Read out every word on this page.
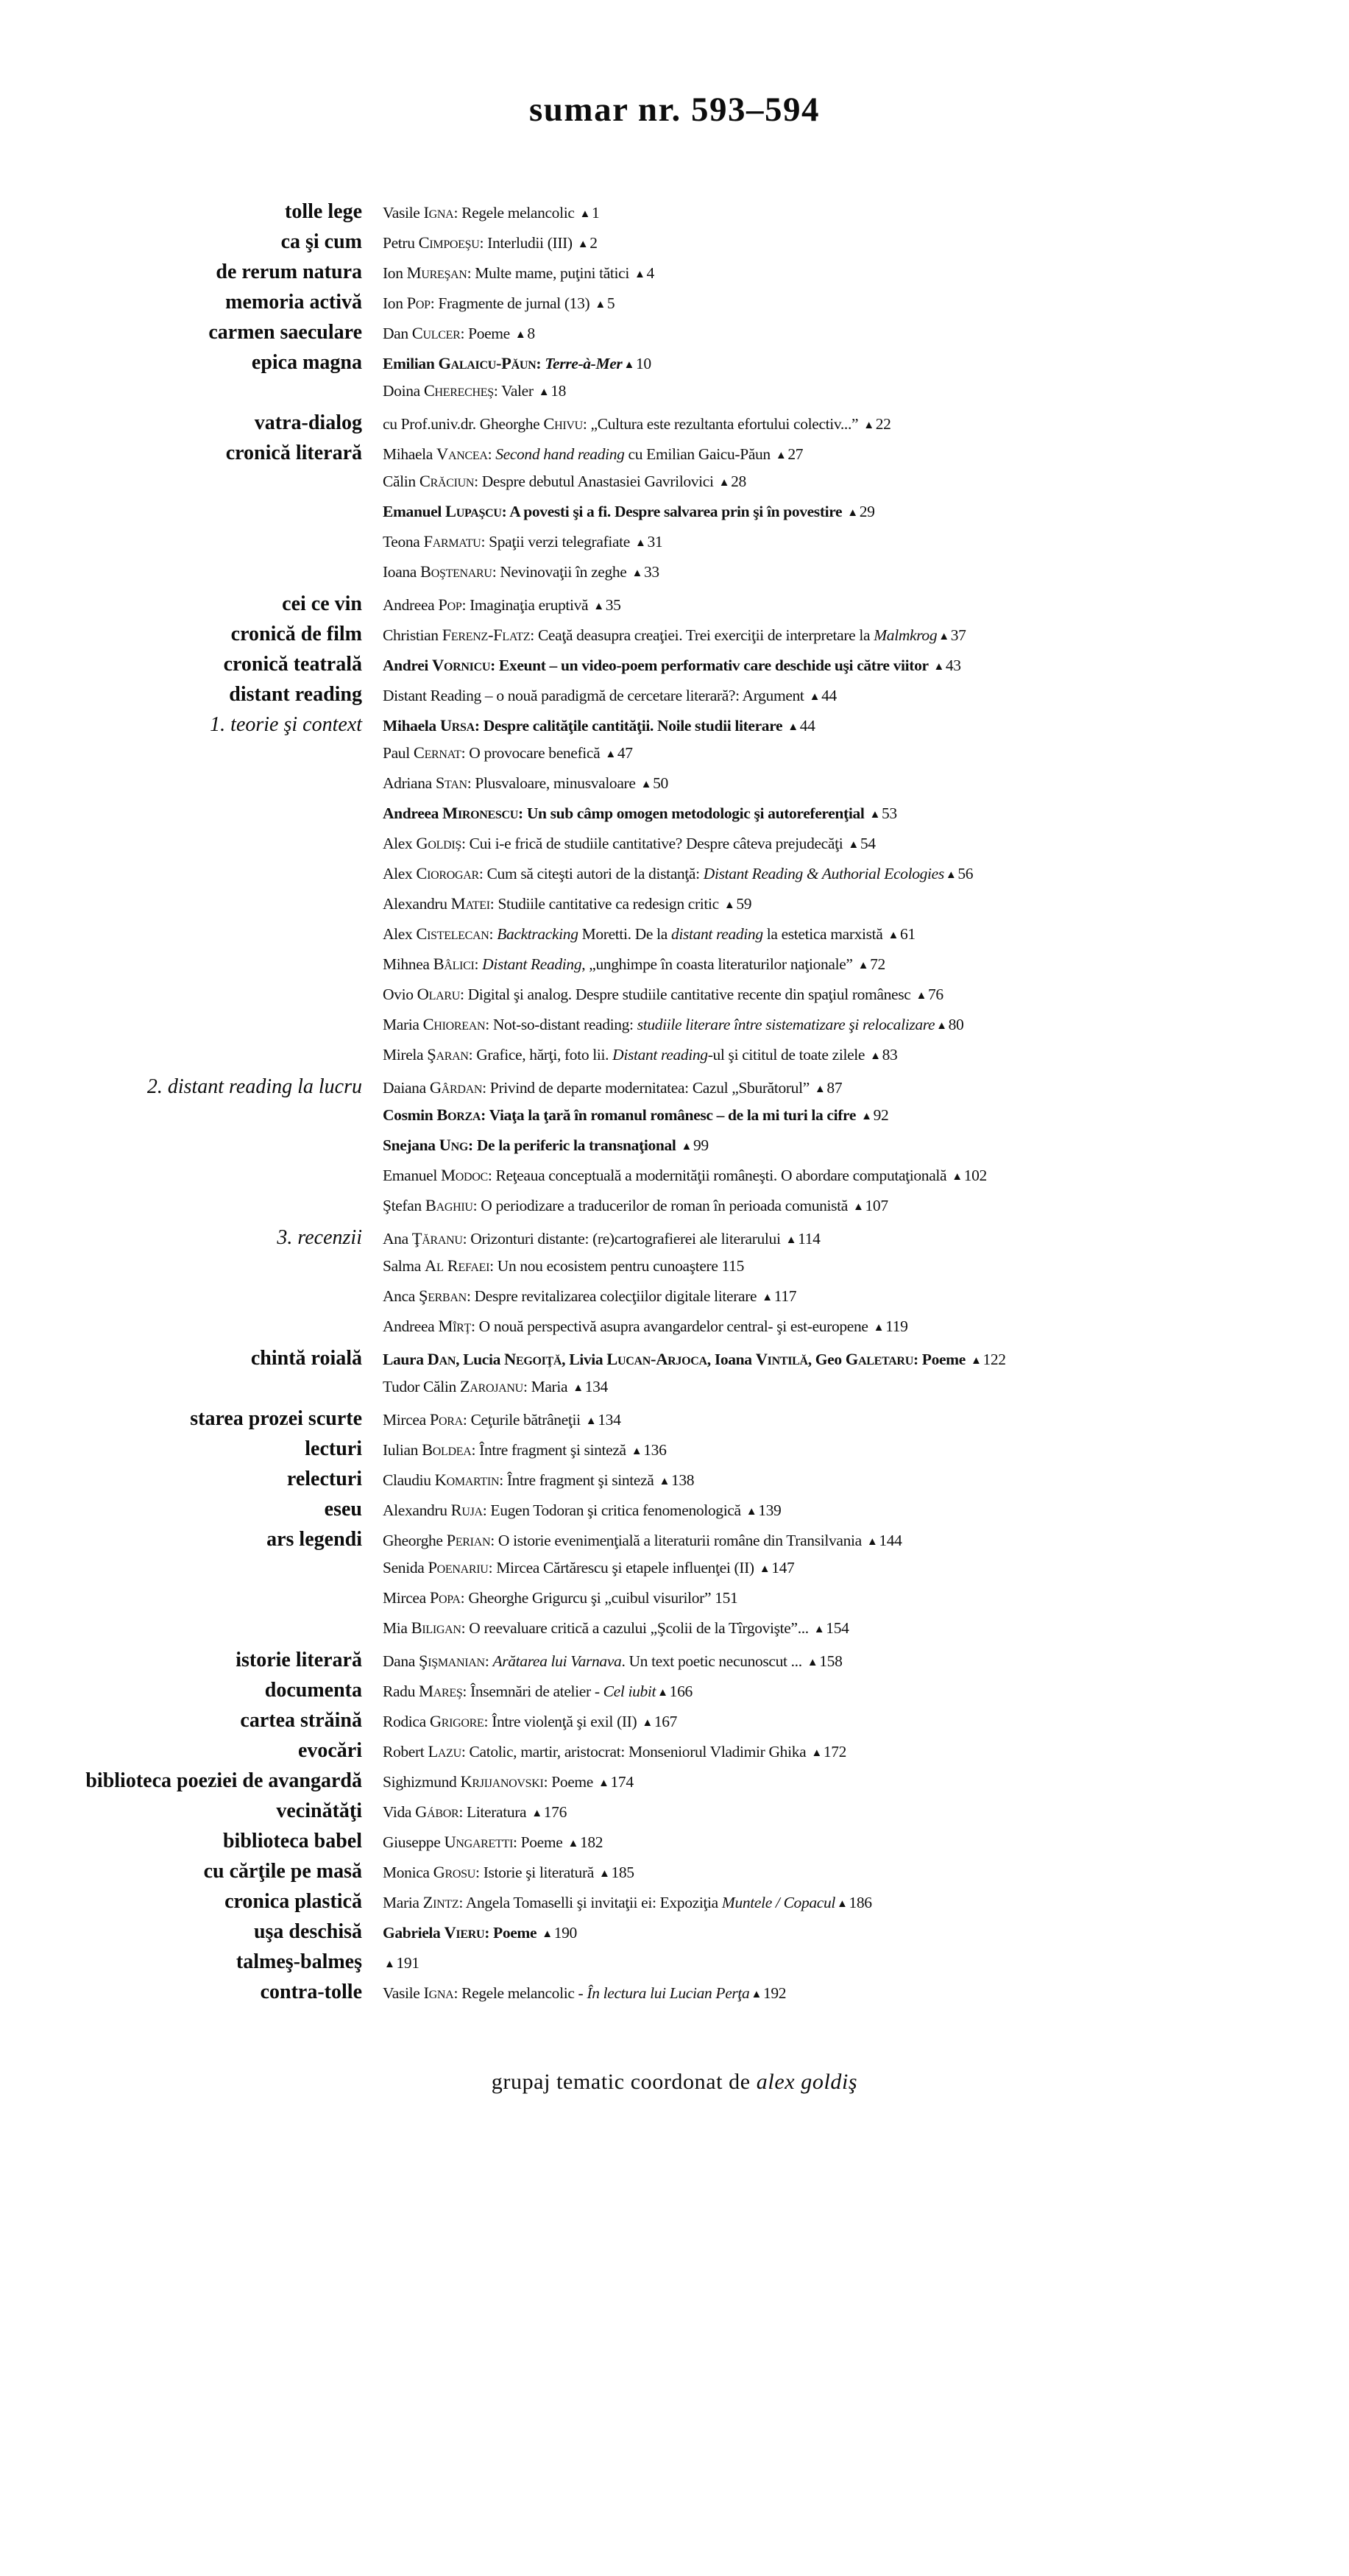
sumar nr. 593–594
tolle lege	Vasile Igna: Regele melancolic ▲1
ca şi cum	Petru Cimpoeşu: Interludii (III) ▲2
de rerum natura	Ion Mureşan: Multe mame, puţini tătici ▲4
memoria activă	Ion Pop: Fragmente de jurnal (13) ▲5
carmen saeculare	Dan Culcer: Poeme ▲8
epica magna	Emilian Galaicu-Păun: Terre-à-Mer ▲10
Doina Cherecheş: Valer ▲18
vatra-dialog	cu Prof.univ.dr. Gheorghe Chivu: „Cultura este rezultanta efortului colectiv...” ▲22
cronică literară	Mihaela Vancea: Second hand reading cu Emilian Gaicu-Păun ▲27
Călin Crăciun: Despre debutul Anastasiei Gavrilovici ▲28
Emanuel Lupaşcu: A povesti şi a fi. Despre salvarea prin şi în povestire ▲29
Teona Farmatu: Spaţii verzi telegrafiate ▲31
Ioana Boştenaru: Nevinovaţii în zeghe ▲33
cei ce vin	Andreea Pop: Imaginaţia eruptivă ▲35
cronică de film	Christian Ferenz-Flatz: Ceaţă deasupra creaţiei. Trei exerciţii de interpretare la Malmkrog ▲37
cronică teatrală	Andrei Vornicu: Exeunt – un video-poem performativ care deschide uşi către viitor ▲43
distant reading	Distant Reading – o nouă paradigmă de cercetare literară?: Argument ▲44
1. teorie şi context	Mihaela Ursa: Despre calităţile cantităţii. Noile studii literare ▲44
Paul Cernat: O provocare benefică ▲47
Adriana Stan: Plusvaloare, minusvaloare ▲50
Andreea Mironescu: Un sub câmp omogen metodologic şi autoreferenţial ▲53
Alex Goldiş: Cui i-e frică de studiile cantitative? Despre câteva prejudecăţi ▲54
Alex Ciorogar: Cum să citeşti autori de la distanţă: Distant Reading & Authorial Ecologies ▲56
Alexandru Matei: Studiile cantitative ca redesign critic ▲59
Alex Cistelecan: Backtracking Moretti. De la distant reading la estetica marxistă ▲61
Mihnea Bâlici: Distant Reading, „unghimpe în coasta literaturilor naţionale” ▲72
Ovio Olaru: Digital şi analog. Despre studiile cantitative recente din spaţiul românesc ▲76
Maria Chiorean: Not-so-distant reading: studiile literare între sistematizare şi relocalizare ▲80
Mirela Şaran: Grafice, hărţi, foto lii. Distant reading-ul şi cititul de toate zilele ▲83
2. distant reading la lucru	Daiana Gârdan: Privind de departe modernitatea: Cazul „Sburătorul” ▲87
Cosmin Borza: Viaţa la ţară în romanul românesc – de la mi turi la cifre ▲92
Snejana Ung: De la periferic la transnaţional ▲99
Emanuel Modoc: Reţeaua conceptuală a modernităţii româneşti. O abordare computaţională ▲102
Ştefan Baghiu: O periodizare a traducerilor de roman în perioada comunistă ▲107
3. recenzii	Ana Ţăranu: Orizonturi distante: (re)cartografierei ale literarului ▲114
Salma Al Refaei: Un nou ecosistem pentru cunoaştere 115
Anca Şerban: Despre revitalizarea colecţiilor digitale literare ▲117
Andreea Mîrţ: O nouă perspectivă asupra avangardelor central- şi est-europene ▲119
chintă roială	Laura Dan, Lucia Negoiţă, Livia Lucan-Arjoca, Ioana Vintilă, Geo Galetaru: Poeme ▲122
Tudor Călin Zarojanu: Maria ▲134
starea prozei scurte	Mircea Pora: Ceţurile bătrâneţii ▲134
lecturi	Iulian Boldea: Între fragment şi sinteză ▲136
relecturi	Claudiu Komartin: Între fragment şi sinteză ▲138
eseu	Alexandru Ruja: Eugen Todoran şi critica fenomenologică ▲139
ars legendi	Gheorghe Perian: O istorie evenimenţială a literaturii române din Transilvania ▲144
Senida Poenariu: Mircea Cărtărescu şi etapele influenţei (II) ▲147
Mircea Popa: Gheorghe Grigurcu şi „cuibul visurilor” 151
Mia Biligan: O reevaluare critică a cazului „Şcolii de la Tîrgovişte”... ▲154
istorie literară	Dana Şişmanian: Arătarea lui Varnava. Un text poetic necunoscut ... ▲158
documenta	Radu Mareş: Însemnări de atelier - Cel iubit ▲166
cartea străină	Rodica Grigore: Între violenţă şi exil (II) ▲167
evocări	Robert Lazu: Catolic, martir, aristocrat: Monseniorul Vladimir Ghika ▲172
biblioteca poeziei de avangardă	Sighizmund Krjijanovski: Poeme ▲174
vecinătăţi	Vida Gábor: Literatura ▲176
biblioteca babel	Giuseppe Ungaretti: Poeme ▲182
cu cărţile pe masă	Monica Grosu: Istorie şi literatură ▲185
cronica plastică	Maria Zintz: Angela Tomaselli şi invitaţii ei: Expoziţia Muntele / Copacul ▲186
uşa deschisă	Gabriela Vieru: Poeme ▲190
talmeş-balmeş	▲191
contra-tolle	Vasile Igna: Regele melancolic - În lectura lui Lucian Perţa ▲192
grupaj tematic coordonat de alex goldiş
